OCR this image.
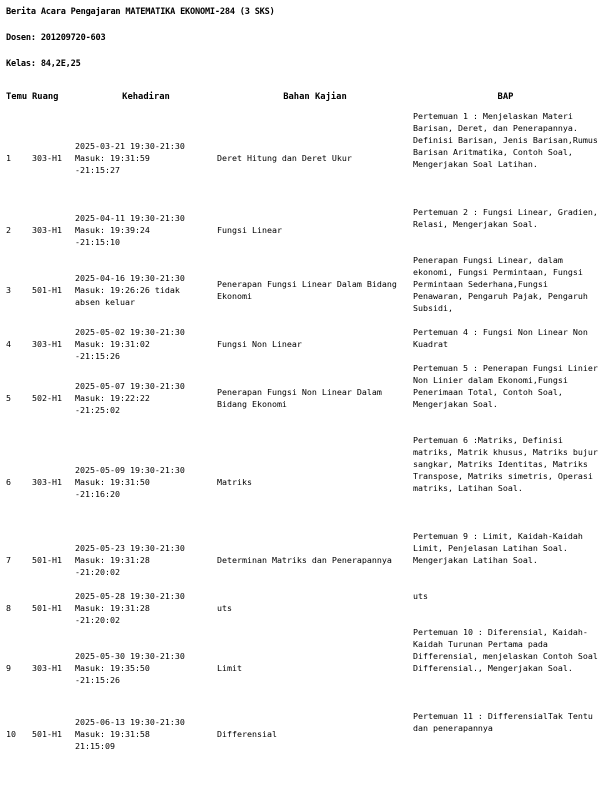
Berita Acara Pengajaran MATEMATIKA EKONOMI-284 (3 SKS)
Dosen: 201209720-603
Kelas: 84,2E,25
Temu	Ruang	Kehadiran	Bahan Kajian	BAP
1	303-H1	2025-03-21 19:30-21:30
Masuk: 19:31:59
-21:15:27	Deret Hitung dan Deret Ukur	Pertemuan 1 : Menjelaskan Materi Barisan, Deret, dan Penerapannya. Definisi Barisan, Jenis Barisan,Rumus Barisan Aritmatika, Contoh Soal, Mengerjakan Soal Latihan.
2	303-H1	2025-04-11 19:30-21:30
Masuk: 19:39:24
-21:15:10	Fungsi Linear	Pertemuan 2 : Fungsi Linear, Gradien, Relasi, Mengerjakan Soal.
3	501-H1	2025-04-16 19:30-21:30
Masuk: 19:26:26 tidak
absen keluar	Penerapan Fungsi Linear Dalam Bidang Ekonomi	Penerapan Fungsi Linear, dalam ekonomi, Fungsi Permintaan, Fungsi Permintaan Sederhana,Fungsi Penawaran, Pengaruh Pajak, Pengaruh Subsidi,
4	303-H1	2025-05-02 19:30-21:30
Masuk: 19:31:02
-21:15:26	Fungsi Non Linear	Pertemuan 4 : Fungsi Non Linear Non Kuadrat
5	502-H1	2025-05-07 19:30-21:30
Masuk: 19:22:22
-21:25:02	Penerapan Fungsi Non Linear Dalam Bidang Ekonomi	Pertemuan 5 : Penerapan Fungsi Linier Non Linier dalam Ekonomi,Fungsi Penerimaan Total, Contoh Soal, Mengerjakan Soal.
6	303-H1	2025-05-09 19:30-21:30
Masuk: 19:31:50
-21:16:20	Matriks	Pertemuan 6 :Matriks, Definisi matriks, Matrik khusus, Matriks bujur sangkar, Matriks Identitas, Matriks Transpose, Matriks simetris, Operasi matriks, Latihan Soal.
7	501-H1	2025-05-23 19:30-21:30
Masuk: 19:31:28
-21:20:02	Determinan Matriks dan Penerapannya	Pertemuan 9 : Limit, Kaidah-Kaidah Limit, Penjelasan Latihan Soal. Mengerjakan Latihan Soal.
8	501-H1	2025-05-28 19:30-21:30
Masuk: 19:31:28
-21:20:02	uts	uts
9	303-H1	2025-05-30 19:30-21:30
Masuk: 19:35:50
-21:15:26	Limit	Pertemuan 10 : Diferensial, Kaidah-Kaidah Turunan Pertama pada Differensial, menjelaskan Contoh Soal Differensial., Mengerjakan Soal.
10	501-H1	2025-06-13 19:30-21:30
Masuk: 19:31:58
21:15:09	Differensial	Pertemuan 11 : DifferensialTak Tentu dan penerapannya
